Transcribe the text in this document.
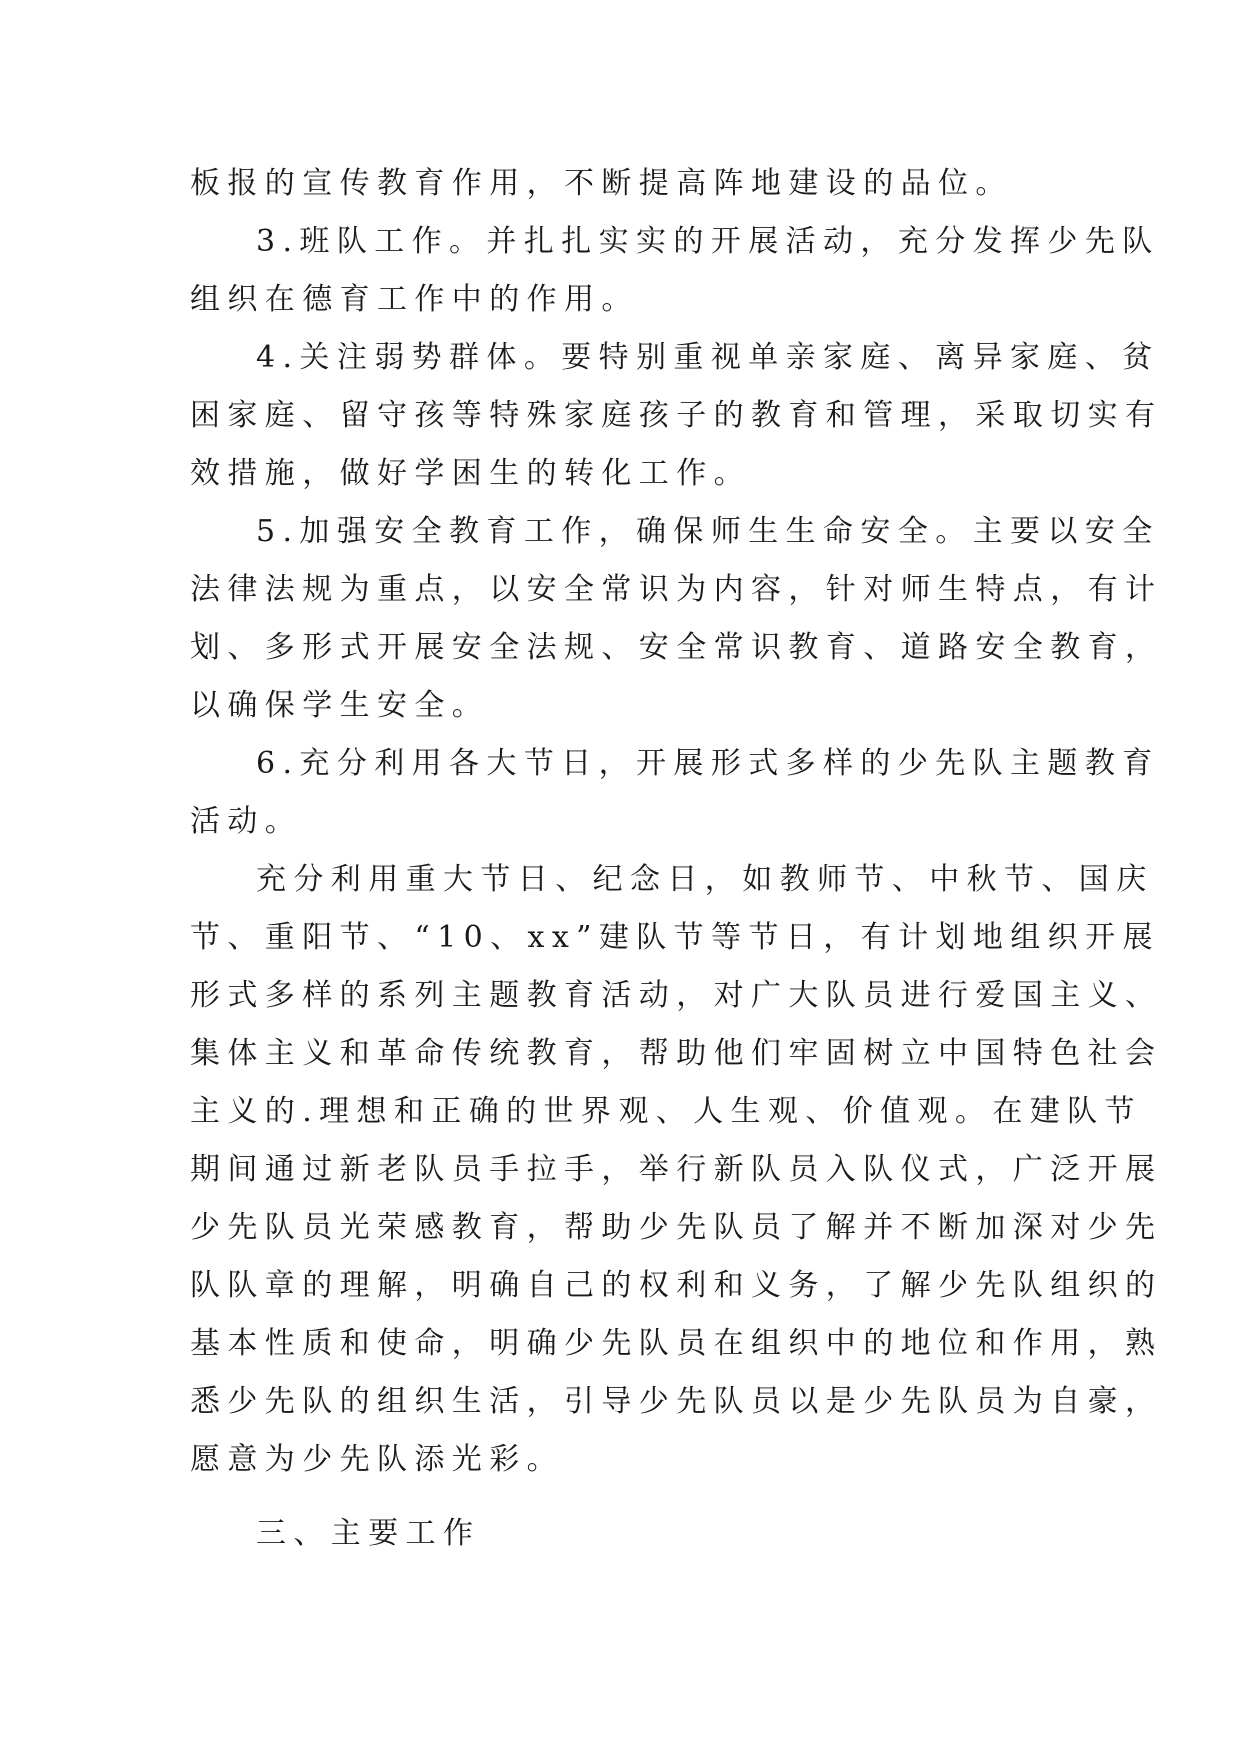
板报的宣传教育作用，不断提高阵地建设的品位。
3.班队工作。并扎扎实实的开展活动，充分发挥少先队
组织在德育工作中的作用。
4.关注弱势群体。要特别重视单亲家庭、离异家庭、贫
困家庭、留守孩等特殊家庭孩子的教育和管理，采取切实有
效措施，做好学困生的转化工作。
5.加强安全教育工作，确保师生生命安全。主要以安全
法律法规为重点，以安全常识为内容，针对师生特点，有计
划、多形式开展安全法规、安全常识教育、道路安全教育，
以确保学生安全。
6.充分利用各大节日，开展形式多样的少先队主题教育
活动。
充分利用重大节日、纪念日，如教师节、中秋节、国庆
节、重阳节、“10、xx”建队节等节日，有计划地组织开展
形式多样的系列主题教育活动，对广大队员进行爱国主义、
集体主义和革命传统教育，帮助他们牢固树立中国特色社会
主义的.理想和正确的世界观、人生观、价值观。在建队节
期间通过新老队员手拉手，举行新队员入队仪式，广泛开展
少先队员光荣感教育，帮助少先队员了解并不断加深对少先
队队章的理解，明确自己的权利和义务，了解少先队组织的
基本性质和使命，明确少先队员在组织中的地位和作用，熟
悉少先队的组织生活，引导少先队员以是少先队员为自豪，
愿意为少先队添光彩。
三、主要工作
